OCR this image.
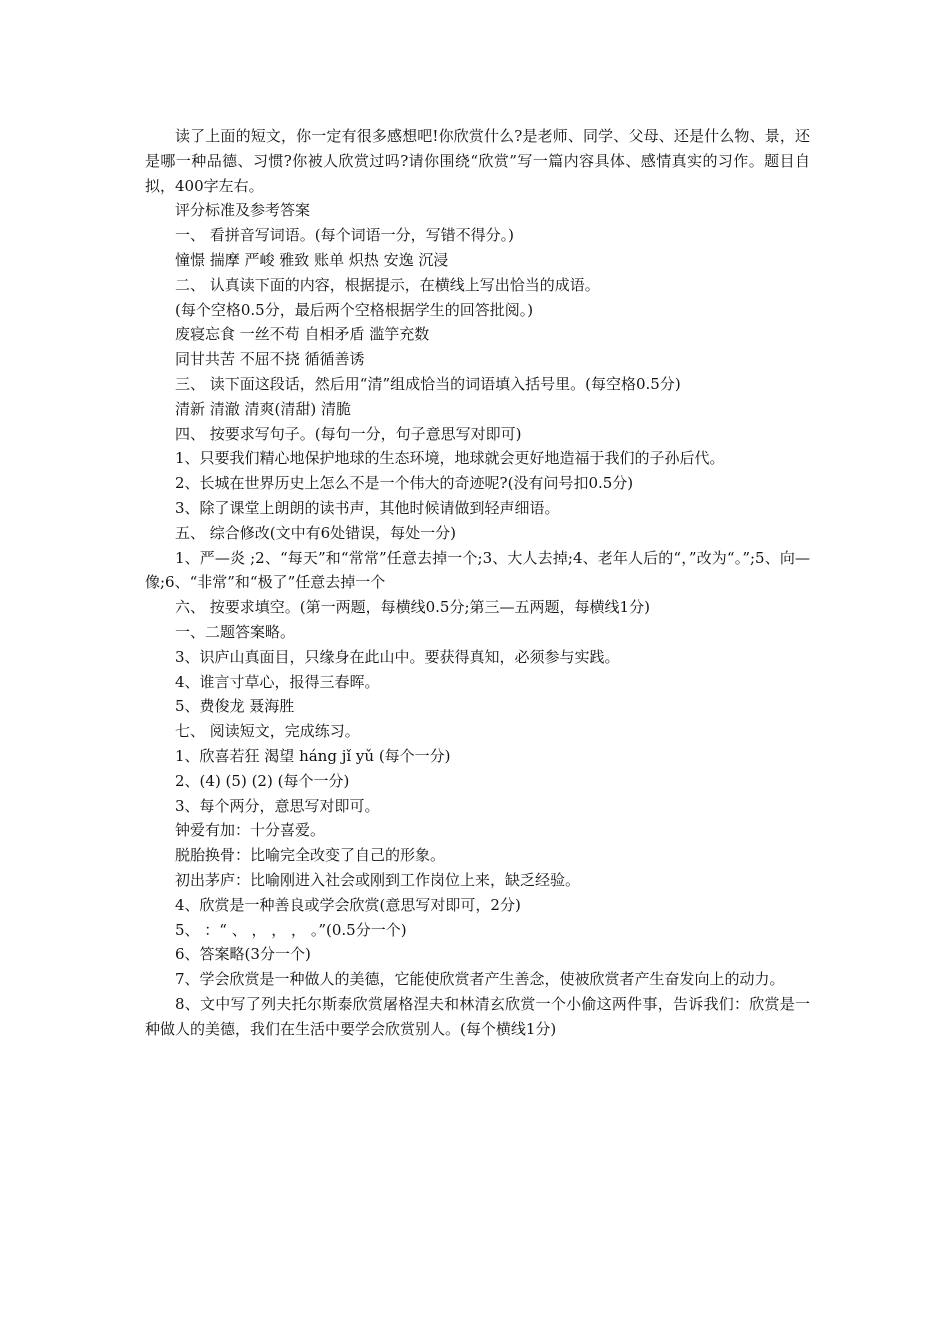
读了上面的短文，你一定有很多感想吧!你欣赏什么?是老师、同学、父母、还是什么物、景，还是哪一种品德、习惯?你被人欣赏过吗?请你围绕“欣赏”写一篇内容具体、感情真实的习作。题目自拟，400字左右。

评分标准及参考答案

一、 看拼音写词语。(每个词语一分，写错不得分。)

憧憬 揣摩 严峻 雅致 账单 炽热 安逸 沉浸

二、 认真读下面的内容，根据提示，在横线上写出恰当的成语。

(每个空格0.5分，最后两个空格根据学生的回答批阅。)

废寝忘食 一丝不苟 自相矛盾 滥竽充数

同甘共苦 不屈不挠 循循善诱

三、 读下面这段话，然后用“清”组成恰当的词语填入括号里。(每空格0.5分)

清新 清澈 清爽(清甜) 清脆

四、 按要求写句子。(每句一分，句子意思写对即可)

1、只要我们精心地保护地球的生态环境，地球就会更好地造福于我们的子孙后代。

2、长城在世界历史上怎么不是一个伟大的奇迹呢?(没有问号扣0.5分)

3、除了课堂上朗朗的读书声，其他时候请做到轻声细语。

五、 综合修改(文中有6处错误，每处一分)

1、严—炎 ;2、“每天”和“常常”任意去掉一个;3、大人去掉;4、老年人后的“，”改为“。”;5、向—像;6、“非常”和“极了”任意去掉一个

六、 按要求填空。(第一两题，每横线0.5分;第三—五两题，每横线1分)

一、二题答案略。

3、识庐山真面目，只缘身在此山中。要获得真知，必须参与实践。

4、谁言寸草心，报得三春晖。

5、费俊龙 聂海胜

七、 阅读短文，完成练习。

1、欣喜若狂 渴望 háng jǐ yǔ (每个一分)

2、(4) (5) (2) (每个一分)

3、每个两分，意思写对即可。

钟爱有加：十分喜爱。

脱胎换骨：比喻完全改变了自己的形象。

初出茅庐：比喻刚进入社会或刚到工作岗位上来，缺乏经验。

4、欣赏是一种善良或学会欣赏(意思写对即可，2分)

5、 ：“ 、 ， ， ， 。”(0.5分一个)

6、答案略(3分一个)

7、学会欣赏是一种做人的美德，它能使欣赏者产生善念，使被欣赏者产生奋发向上的动力。

8、文中写了列夫托尔斯泰欣赏屠格涅夫和林清玄欣赏一个小偷这两件事，告诉我们：欣赏是一种做人的美德，我们在生活中要学会欣赏别人。(每个横线1分)
